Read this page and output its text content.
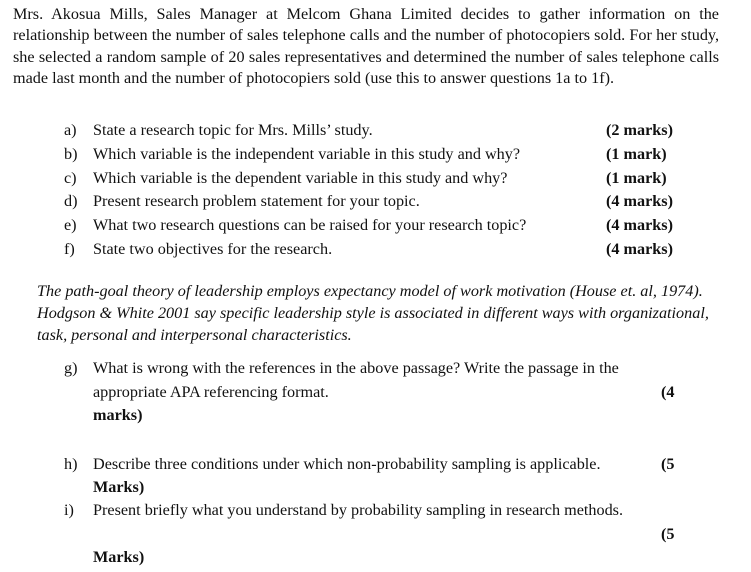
Mrs. Akosua Mills, Sales Manager at Melcom Ghana Limited decides to gather information on the relationship between the number of sales telephone calls and the number of photocopiers sold. For her study, she selected a random sample of 20 sales representatives and determined the number of sales telephone calls made last month and the number of photocopiers sold (use this to answer questions 1a to 1f).

a) State a research topic for Mrs. Mills’ study.	(2 marks)
b) Which variable is the independent variable in this study and why?	(1 mark)
c) Which variable is the dependent variable in this study and why?	(1 mark)
d) Present research problem statement for your topic.	(4 marks)
e) What two research questions can be raised for your research topic?	(4 marks)
f) State two objectives for the research.	(4 marks)

The path-goal theory of leadership employs expectancy model of work motivation (House et. al, 1974). Hodgson & White 2001 say specific leadership style is associated in different ways with organizational, task, personal and interpersonal characteristics.

g) What is wrong with the references in the above passage? Write the passage in the
appropriate APA referencing format.	(4
marks)
h) Describe three conditions under which non-probability sampling is applicable.	(5
Marks)
i) Present briefly what you understand by probability sampling in research methods.
(5
Marks)
